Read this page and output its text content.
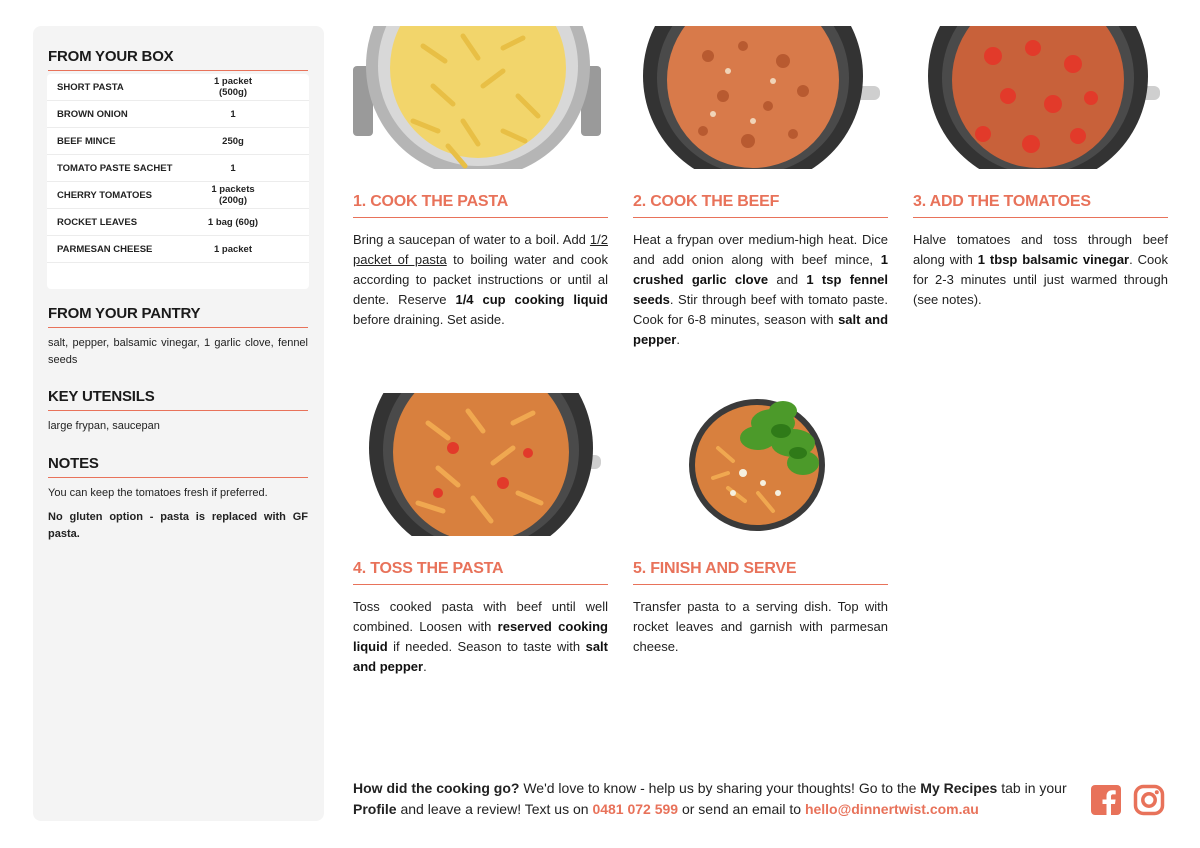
FROM YOUR BOX
SHORT PASTA	1 packet (500g)
BROWN ONION	1
BEEF MINCE	250g
TOMATO PASTE SACHET	1
CHERRY TOMATOES	1 packets (200g)
ROCKET LEAVES	1 bag (60g)
PARMESAN CHEESE	1 packet
FROM YOUR PANTRY
salt, pepper, balsamic vinegar, 1 garlic clove, fennel seeds
KEY UTENSILS
large frypan, saucepan
NOTES
You can keep the tomatoes fresh if preferred.
No gluten option - pasta is replaced with GF pasta.
1. COOK THE PASTA

Bring a saucepan of water to a boil. Add 1/2 packet of pasta to boiling water and cook according to packet instructions or until al dente. Reserve 1/4 cup cooking liquid before draining. Set aside.

2. COOK THE BEEF

Heat a frypan over medium-high heat. Dice and add onion along with beef mince, 1 crushed garlic clove and 1 tsp fennel seeds. Stir through beef with tomato paste. Cook for 6-8 minutes, season with salt and pepper.

3. ADD THE TOMATOES

Halve tomatoes and toss through beef along with 1 tbsp balsamic vinegar. Cook for 2-3 minutes until just warmed through (see notes).

4. TOSS THE PASTA

Toss cooked pasta with beef until well combined. Loosen with reserved cooking liquid if needed. Season to taste with salt and pepper.

5. FINISH AND SERVE

Transfer pasta to a serving dish. Top with rocket leaves and garnish with parmesan cheese.

How did the cooking go? We'd love to know - help us by sharing your thoughts! Go to the My Recipes tab in your Profile and leave a review! Text us on 0481 072 599 or send an email to hello@dinnertwist.com.au
